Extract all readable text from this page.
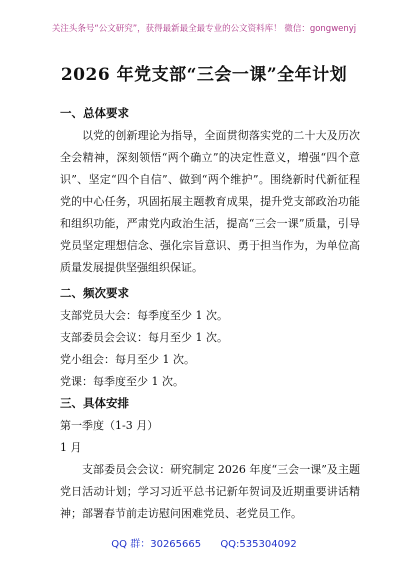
关注头条号“公文研究”，获得最新最全最专业的公文资料库！ 微信：gongwenyj
2026 年党支部“三会一课”全年计划
一、总体要求

以党的创新理论为指导，全面贯彻落实党的二十大及历次全会精神，深刻领悟“两个确立”的决定性意义，增强“四个意识”、坚定“四个自信”、做到“两个维护”。围绕新时代新征程党的中心任务，巩固拓展主题教育成果，提升党支部政治功能和组织功能，严肃党内政治生活，提高“三会一课”质量，引导党员坚定理想信念、强化宗旨意识、勇于担当作为，为单位高质量发展提供坚强组织保证。

二、频次要求

支部党员大会：每季度至少 1 次。

支部委员会会议：每月至少 1 次。

党小组会：每月至少 1 次。

党课：每季度至少 1 次。

三、具体安排

第一季度（1-3 月）

1 月

支部委员会会议：研究制定 2026 年度“三会一课”及主题党日活动计划；学习习近平总书记新年贺词及近期重要讲话精神；部署春节前走访慰问困难党员、老党员工作。

QQ 群：30265665 QQ:535304092
